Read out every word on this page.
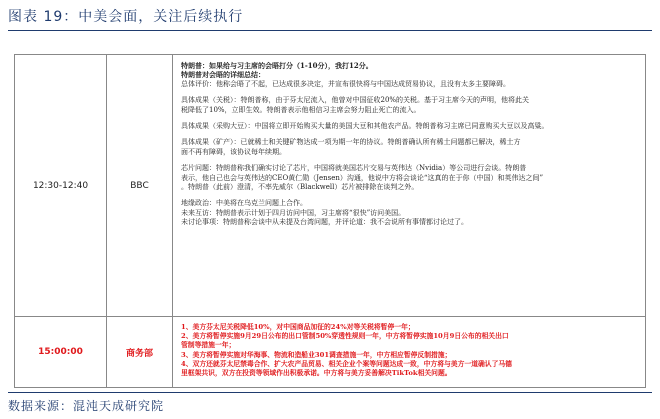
图表 19：中美会面，关注后续执行
12:30-12:40	BBC
特朗普：如果给与习主席的会晤打分（1-10分），我打12分。
特朗普对会晤的详细总结：
总体评价：他称会晤了不起，已达成很多决定，并宣布很快将与中国达成贸易协议，且没有太多主要障碍。
具体成果（关税）：特朗普称，由于芬太尼流入，他曾对中国征收20%的关税。基于习主席今天的声明，他将此关
税降低了10%，立即生效。特朗普表示他相信习主席会努力阻止死亡的流入。
具体成果（采购大豆）：中国将立即开始购买大量的美国大豆和其他农产品。特朗普称习主席已同意购买大豆以及高粱。
具体成果（矿产）：已就稀土和关键矿物达成一项为期一年的协议。特朗普确认所有稀土问题都已解决，稀土方
面不再有障碍，该协议每年续期。
芯片问题：特朗普称我们确实讨论了芯片，中国将就美国芯片交易与英伟达（Nvidia）等公司进行会谈。特朗普
表示，他自己也会与英伟达的CEO黄仁勋（Jensen）沟通，他说中方将会谈论“这真的在于你（中国）和英伟达之间”
。特朗普（此前）澄清，不率先威尔（Blackwell）芯片被排除在谈判之外。
地缘政治：中美将在乌克兰问题上合作。
未来互访：特朗普表示计划于四月访问中国，习主席将“很快”访问美国。
未讨论事项：特朗普称会谈中从未提及台湾问题，并评论道：我不会说所有事情都讨论过了。
15:00:00	商务部
1、美方芬太尼关税降低10%，对中国商品加征的24%对等关税将暂停一年；
2、美方将暂停实施9月29日公布的出口管制50%穿透性规则一年，中方将暂停实施10月9日公布的相关出口
管制等措施一年；
3、美方将暂停实施对华海事、物流和造船业301调查措施一年，中方相应暂停反制措施；
4、双方还就芬太尼禁毒合作、扩大农产品贸易、相关企业个案等问题达成一致，中方将与美方一道确认了马德
里框架共识，双方在投资等领域作出积极承诺。中方将与美方妥善解决TikTok相关问题。
数据来源：混沌天成研究院
